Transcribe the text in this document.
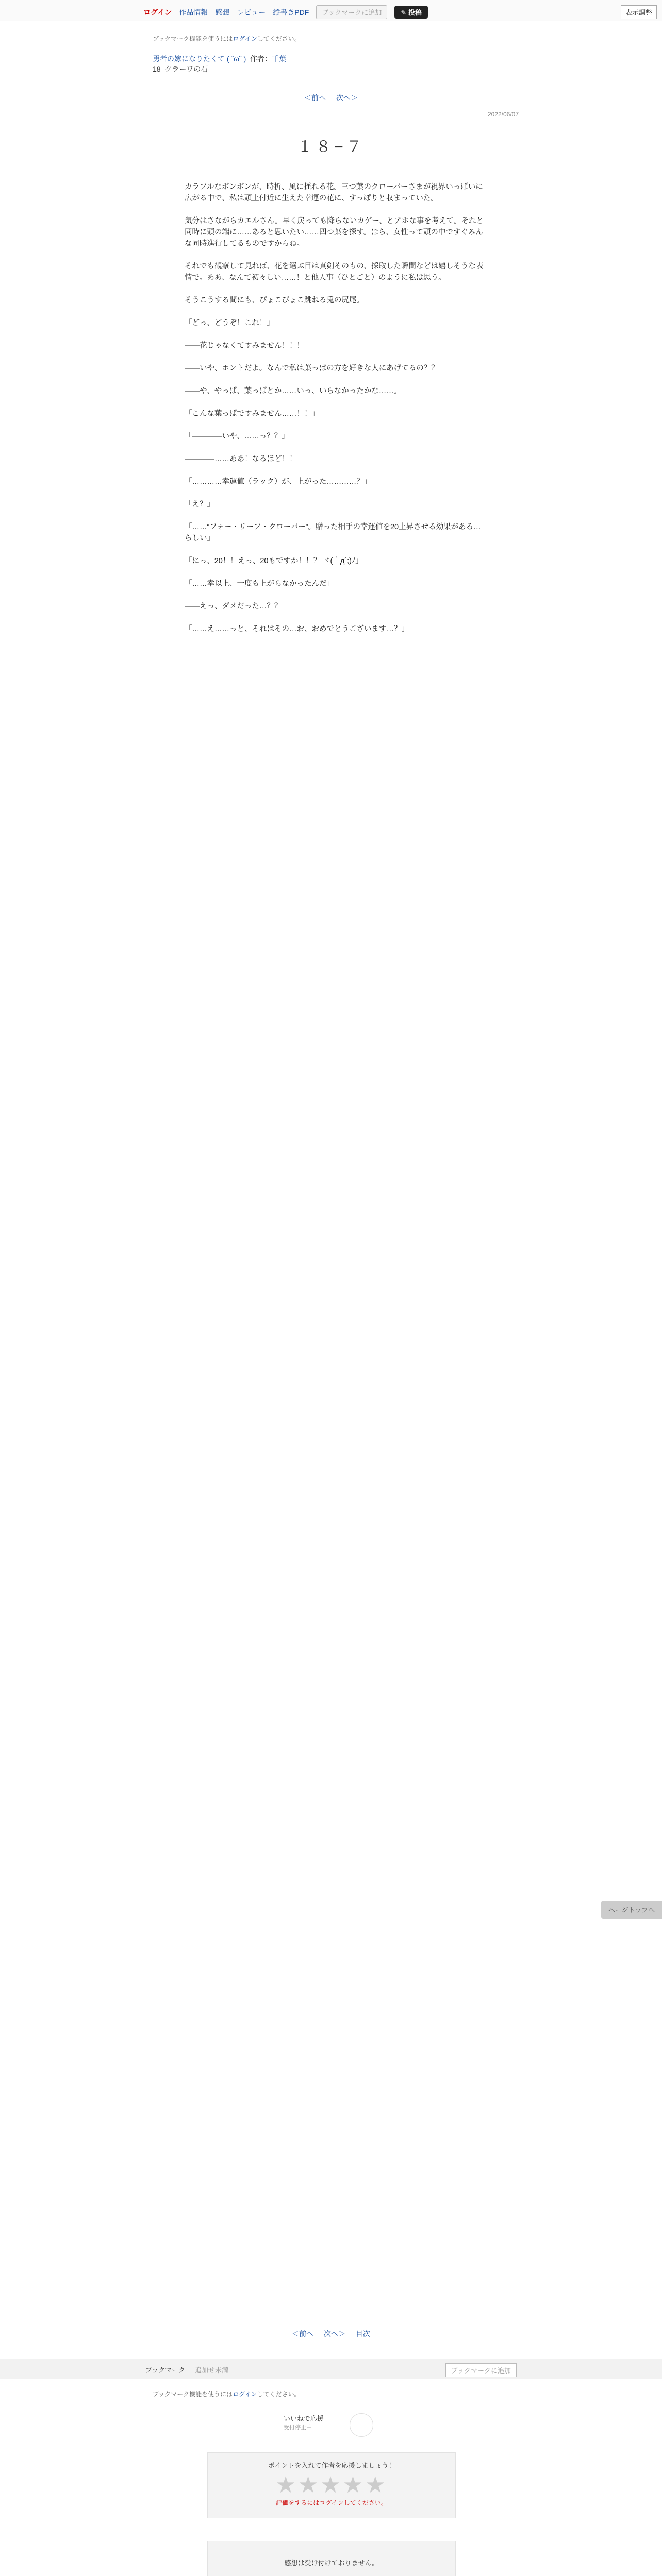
ログイン 作品情報 感想 レビュー 縦書きPDF	ブックマークに追加	✎ 投稿	表示調整
ブックマーク機能を使うにはログインしてください。
勇者の嫁になりたくて ( ˘ω˘ ) 作者：千葉
18 クラーワの石
＜前へ 次へ＞
2022/06/07
１８−７

カラフルなボンボンが、時折、風に揺れる花。三つ葉のクローバーさまが視界いっぱいに広がる中で、私は頭上付近に生えた幸運の花に、すっぽりと収まっていた。

気分はさながらカエルさん。早く戻っても降らないカゲー、とアホな事を考えて。それと同時に頭の端に……あると思いたい……四つ葉を探す。ほら、女性って頭の中ですぐみんな同時進行してるものですからね。

それでも観察して見れば、花を選ぶ目は真剣そのもの、採取した瞬間などは嬉しそうな表情で。ああ、なんて初々しい……！と他人事（ひとごと）のように私は思う。

そうこうする間にも、ぴょこぴょこ跳ねる兎の尻尾。

「どっ、どうぞ！これ！」

――花じゃなくてすみません！！！

――いや、ホントだよ。なんで私は葉っぱの方を好きな人にあげてるの？？

――や、やっぱ、葉っぱとか……いっ、いらなかったかな……。

「こんな葉っぱですみません……！！」

「――――いや、……っ？？」

――――……ああ！なるほど！！

「…………幸運値（ラック）が、上がった…………？」

「え？」

「……“フォー・リーフ・クローバー”。贈った相手の幸運値を20上昇させる効果がある…らしい」

「にっ、20！！えっ、20もですか！！？ ヾ(｀д´;)ﾉ」

「……幸以上、一度も上がらなかったんだ」

――えっ、ダメだった…？？

「……え……っと、それはその…お、おめでとうございます…？」

ページトップへ
＜前へ 次へ＞ 目次
ブックマーク 追加せ未満	ブックマークに追加
ブックマーク機能を使うにはログインしてください。
いいねで応援
受付停止中
ポイントを入れて作者を応援しましょう！
★★★★★
評価をするにはログインしてください。
感想は受け付けておりません。
